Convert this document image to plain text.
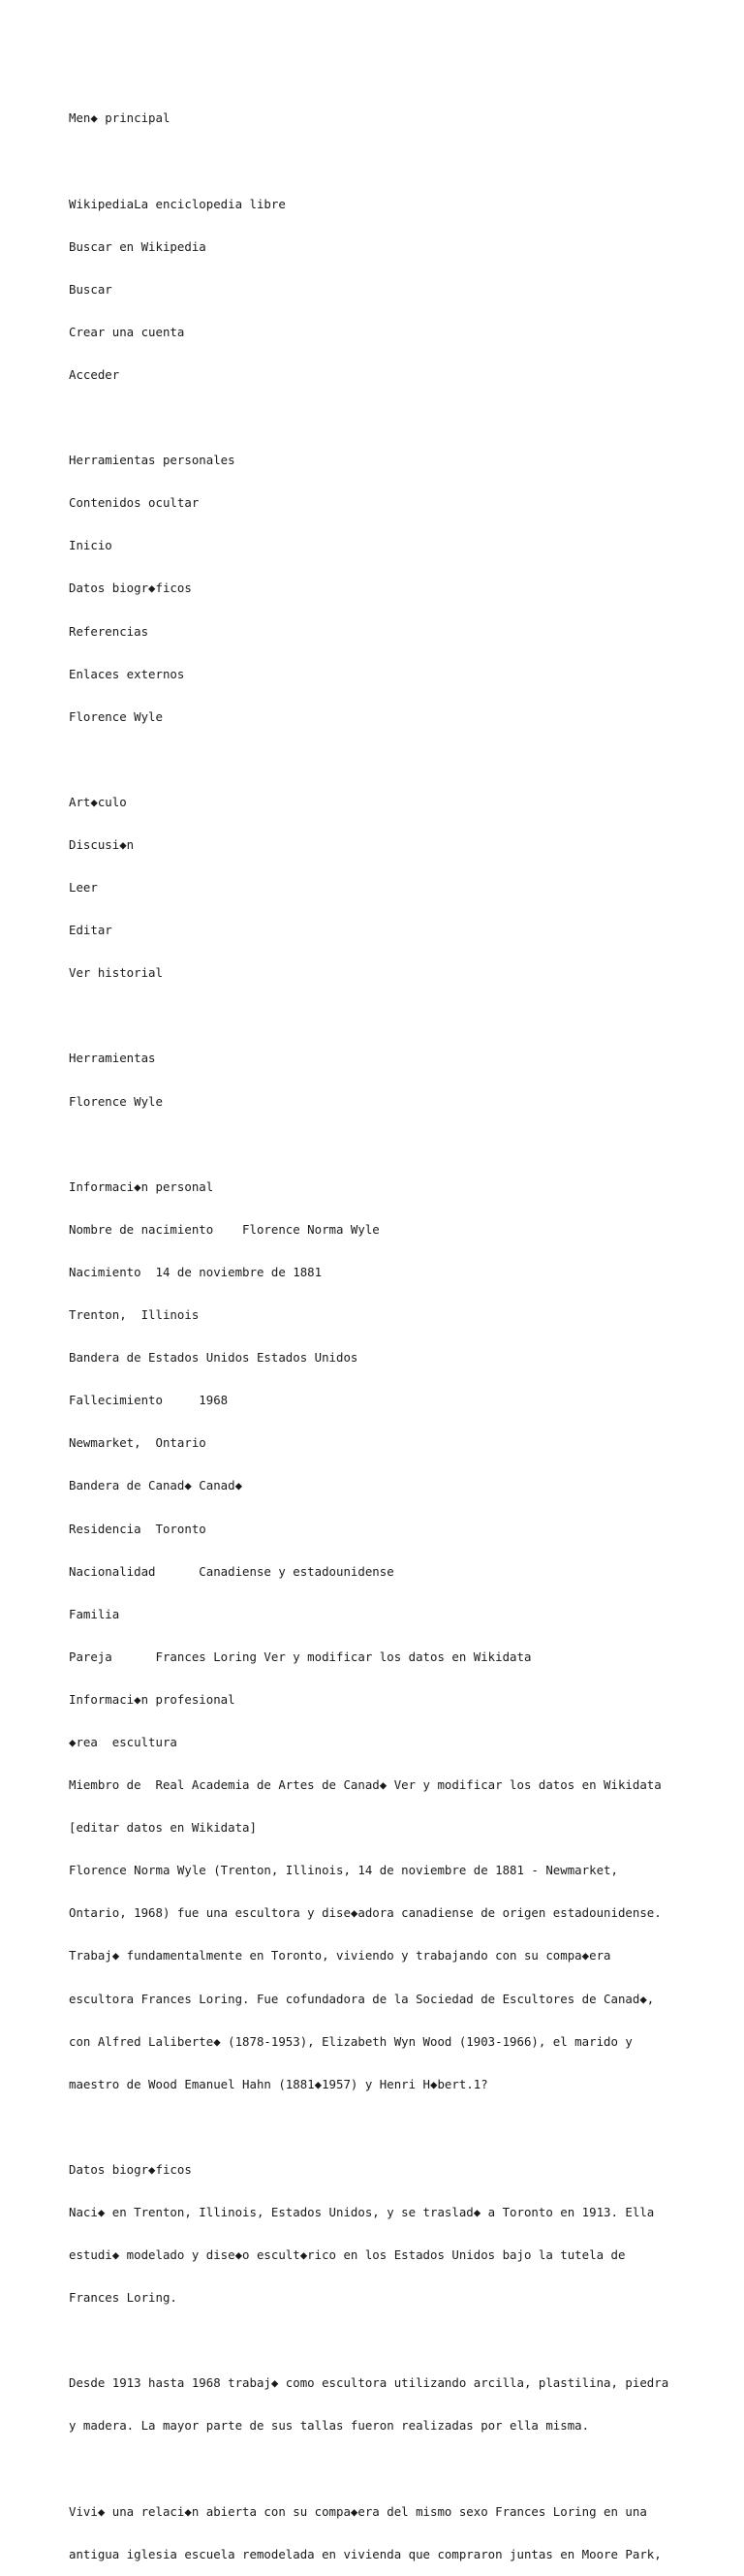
Men◆ principal

WikipediaLa enciclopedia libre

Buscar en Wikipedia

Buscar

Crear una cuenta

Acceder

Herramientas personales

Contenidos ocultar

Inicio

Datos biogr◆ficos

Referencias

Enlaces externos

Florence Wyle

Art◆culo

Discusi◆n

Leer

Editar

Ver historial

Herramientas

Florence Wyle

Informaci◆n personal

Nombre de nacimiento    Florence Norma Wyle

Nacimiento  14 de noviembre de 1881

Trenton,  Illinois

Bandera de Estados Unidos Estados Unidos

Fallecimiento     1968

Newmarket,  Ontario

Bandera de Canad◆ Canad◆

Residencia  Toronto

Nacionalidad      Canadiense y estadounidense

Familia

Pareja      Frances Loring Ver y modificar los datos en Wikidata

Informaci◆n profesional

◆rea  escultura

Miembro de  Real Academia de Artes de Canad◆ Ver y modificar los datos en Wikidata

[editar datos en Wikidata]

Florence Norma Wyle (Trenton, Illinois, 14 de noviembre de 1881 - Newmarket,

Ontario, 1968) fue una escultora y dise◆adora canadiense de origen estadounidense.

Trabaj◆ fundamentalmente en Toronto, viviendo y trabajando con su compa◆era

escultora Frances Loring. Fue cofundadora de la Sociedad de Escultores de Canad◆,

con Alfred Laliberte◆ (1878-1953), Elizabeth Wyn Wood (1903-1966), el marido y

maestro de Wood Emanuel Hahn (1881◆1957) y Henri H◆bert.1?

Datos biogr◆ficos

Naci◆ en Trenton, Illinois, Estados Unidos, y se traslad◆ a Toronto en 1913. Ella

estudi◆ modelado y dise◆o escult◆rico en los Estados Unidos bajo la tutela de

Frances Loring.

Desde 1913 hasta 1968 trabaj◆ como escultora utilizando arcilla, plastilina, piedra

y madera. La mayor parte de sus tallas fueron realizadas por ella misma.

Vivi◆ una relaci◆n abierta con su compa◆era del mismo sexo Frances Loring en una

antigua iglesia escuela remodelada en vivienda que compraron juntas en Moore Park,
